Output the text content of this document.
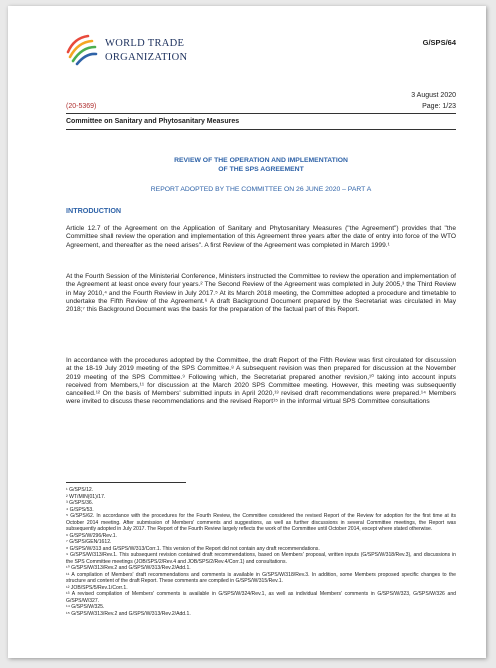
WORLD TRADE
ORGANIZATION
G/SPS/64
3 August 2020
(20-5369)	Page: 1/23
Committee on Sanitary and Phytosanitary Measures
REVIEW OF THE OPERATION AND IMPLEMENTATION
OF THE SPS AGREEMENT
REPORT ADOPTED BY THE COMMITTEE ON 26 JUNE 2020 – PART A
INTRODUCTION

Article 12.7 of the Agreement on the Application of Sanitary and Phytosanitary Measures ("the Agreement") provides that "the Committee shall review the operation and implementation of this Agreement three years after the date of entry into force of the WTO Agreement, and thereafter as the need arises". A first Review of the Agreement was completed in March 1999.¹

At the Fourth Session of the Ministerial Conference, Ministers instructed the Committee to review the operation and implementation of the Agreement at least once every four years.² The Second Review of the Agreement was completed in July 2005,³ the Third Review in May 2010,⁴ and the Fourth Review in July 2017.⁵ At its March 2018 meeting, the Committee adopted a procedure and timetable to undertake the Fifth Review of the Agreement.⁶ A draft Background Document prepared by the Secretariat was circulated in May 2018;⁷ this Background Document was the basis for the preparation of the factual part of this Report.

In accordance with the procedures adopted by the Committee, the draft Report of the Fifth Review was first circulated for discussion at the 18-19 July 2019 meeting of the SPS Committee.⁸ A subsequent revision was then prepared for discussion at the November 2019 meeting of the SPS Committee.⁹ Following which, the Secretariat prepared another revision,¹⁰ taking into account inputs received from Members,¹¹ for discussion at the March 2020 SPS Committee meeting. However, this meeting was subsequently cancelled.¹² On the basis of Members' submitted inputs in April 2020,¹³ revised draft recommendations were prepared.¹⁴ Members were invited to discuss these recommendations and the revised Report¹⁵ in the informal virtual SPS Committee consultations

¹ G/SPS/12.
² WT/MIN(01)/17.
³ G/SPS/36.
⁴ G/SPS/53.
⁵ G/SPS/62. In accordance with the procedures for the Fourth Review, the Committee considered the revised Report of the Review for adoption for the first time at its October 2014 meeting. After submission of Members' comments and suggestions, as well as further discussions in several Committee meetings, the Report was subsequently adopted in July 2017. The Report of the Fourth Review largely reflects the work of the Committee until October 2014, except where stated otherwise.
⁶ G/SPS/W/296/Rev.1.
⁷ G/SPS/GEN/1612.
⁸ G/SPS/W/313 and G/SPS/W/313/Corr.1. This version of the Report did not contain any draft recommendations.
⁹ G/SPS/W/313/Rev.1. This subsequent revision contained draft recommendations, based on Members' proposal, written inputs (G/SPS/W/318/Rev.3), and discussions in the SPS Committee meetings (JOB/SPS/2/Rev.4 and JOB/SPS/2/Rev.4/Corr.1) and consultations.
¹⁰ G/SPS/W/313/Rev.2 and G/SPS/W/313/Rev.2/Add.1.
¹¹ A compilation of Members' draft recommendations and comments is available in G/SPS/W/318/Rev.3. In addition, some Members proposed specific changes to the structure and content of the draft Report. These comments are compiled in G/SPS/W/315/Rev.1.
¹² JOB/SPS/5/Rev.1/Corr.1.
¹³ A revised compilation of Members' comments is available in G/SPS/W/324/Rev.1, as well as individual Members' comments in G/SPS/W/323, G/SPS/W/326 and G/SPS/W/327.
¹⁴ G/SPS/W/325.
¹⁵ G/SPS/W/313/Rev.2 and G/SPS/W/313/Rev.2/Add.1.
